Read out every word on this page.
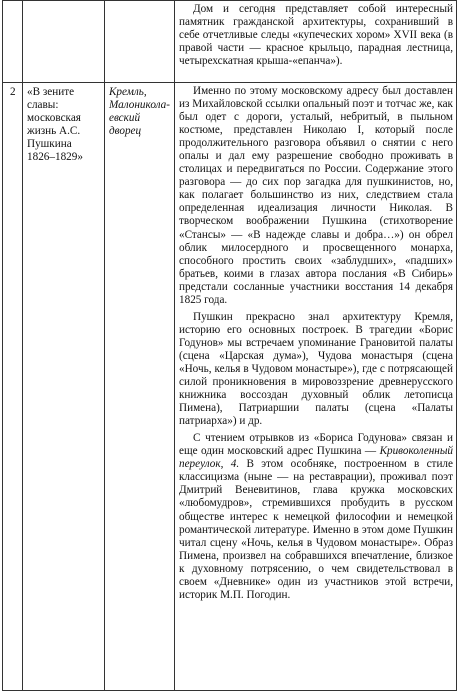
			Дом и сегодня представляет собой интересный памятник гражданской архитектуры, сохранивший в себе отчетливые следы «купеческих хором» XVII века (в правой части — красное крыльцо, парадная лестница, четырехскатная крыша-«епанча»).

2	«В зените славы: московская жизнь А.С. Пушкина 1826–1829»	Кремль, Малониколаевский дворец	Именно по этому московскому адресу был доставлен из Михайловской ссылки опальный поэт и тотчас же, как был одет с дороги, усталый, небритый, в пыльном костюме, представлен Николаю I, который после продолжительного разговора объявил о снятии с него опалы и дал ему разрешение свободно проживать в столицах и передвигаться по России. Содержание этого разговора — до сих пор загадка для пушкинистов, но, как полагает большинство из них, следствием стала определенная идеализация личности Николая. В творческом воображении Пушкина (стихотворение «Стансы» — «В надежде славы и добра…») он обрел облик милосердного и просвещенного монарха, способного простить своих «заблудших», «падших» братьев, коими в глазах автора послания «В Сибирь» предстали сосланные участники восстания 14 декабря 1825 года.

Пушкин прекрасно знал архитектуру Кремля, историю его основных построек. В трагедии «Борис Годунов» мы встречаем упоминание Грановитой палаты (сцена «Царская дума»), Чудова монастыря (сцена «Ночь, келья в Чудовом монастыре»), где с потрясающей силой проникновения в мировоззрение древнерусского книжника воссоздан духовный облик летописца Пимена), Патриаршии палаты (сцена «Палаты патриарха») и др.

С чтением отрывков из «Бориса Годунова» связан и еще один московский адрес Пушкина — Кривоколенный переулок, 4. В этом особняке, построенном в стиле классицизма (ныне — на реставрации), проживал поэт Дмитрий Веневитинов, глава кружка московских «любомудров», стремившихся пробудить в русском обществе интерес к немецкой философии и немецкой романтической литературе. Именно в этом доме Пушкин читал сцену «Ночь, келья в Чудовом монастыре». Образ Пимена, произвел на собравшихся впечатление, близкое к духовному потрясению, о чем свидетельствовал в своем «Дневнике» один из участников этой встречи, историк М.П. Погодин.
